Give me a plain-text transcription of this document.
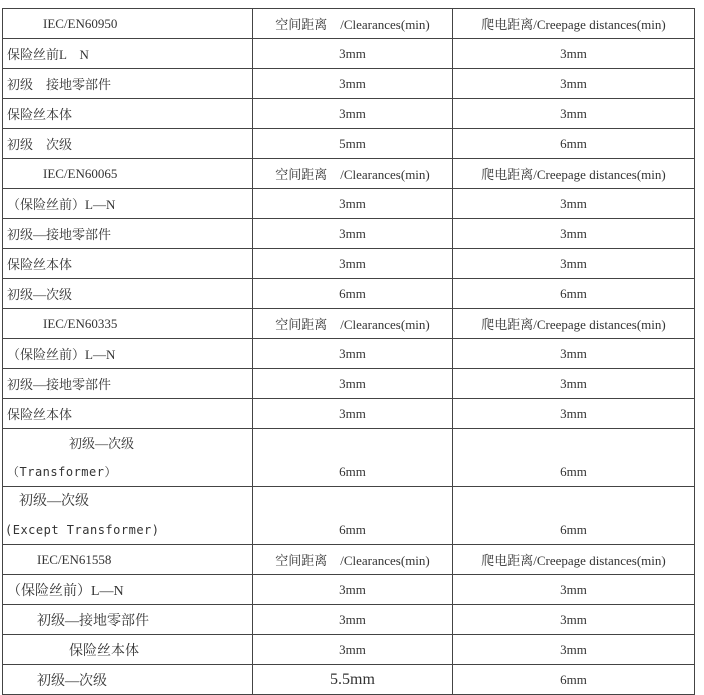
IEC/EN60950	空间距离　/Clearances(min)	爬电距离/Creepage distances(min)
保险丝前L　N	3mm	3mm
初级　接地零部件	3mm	3mm
保险丝本体	3mm	3mm
初级　次级	5mm	6mm
IEC/EN60065	空间距离　/Clearances(min)	爬电距离/Creepage distances(min)
（保险丝前）L—N	3mm	3mm
初级—接地零部件	3mm	3mm
保险丝本体	3mm	3mm
初级—次级	6mm	6mm
IEC/EN60335	空间距离　/Clearances(min)	爬电距离/Creepage distances(min)
（保险丝前）L—N	3mm	3mm
初级—接地零部件	3mm	3mm
保险丝本体	3mm	3mm

初级—次级
（Transformer）	6mm	6mm

初级—次级
(Except Transformer)	6mm	6mm
IEC/EN61558	空间距离　/Clearances(min)	爬电距离/Creepage distances(min)
（保险丝前）L—N	3mm	3mm
初级—接地零部件	3mm	3mm
保险丝本体	3mm	3mm
初级—次级	5.5mm	6mm
